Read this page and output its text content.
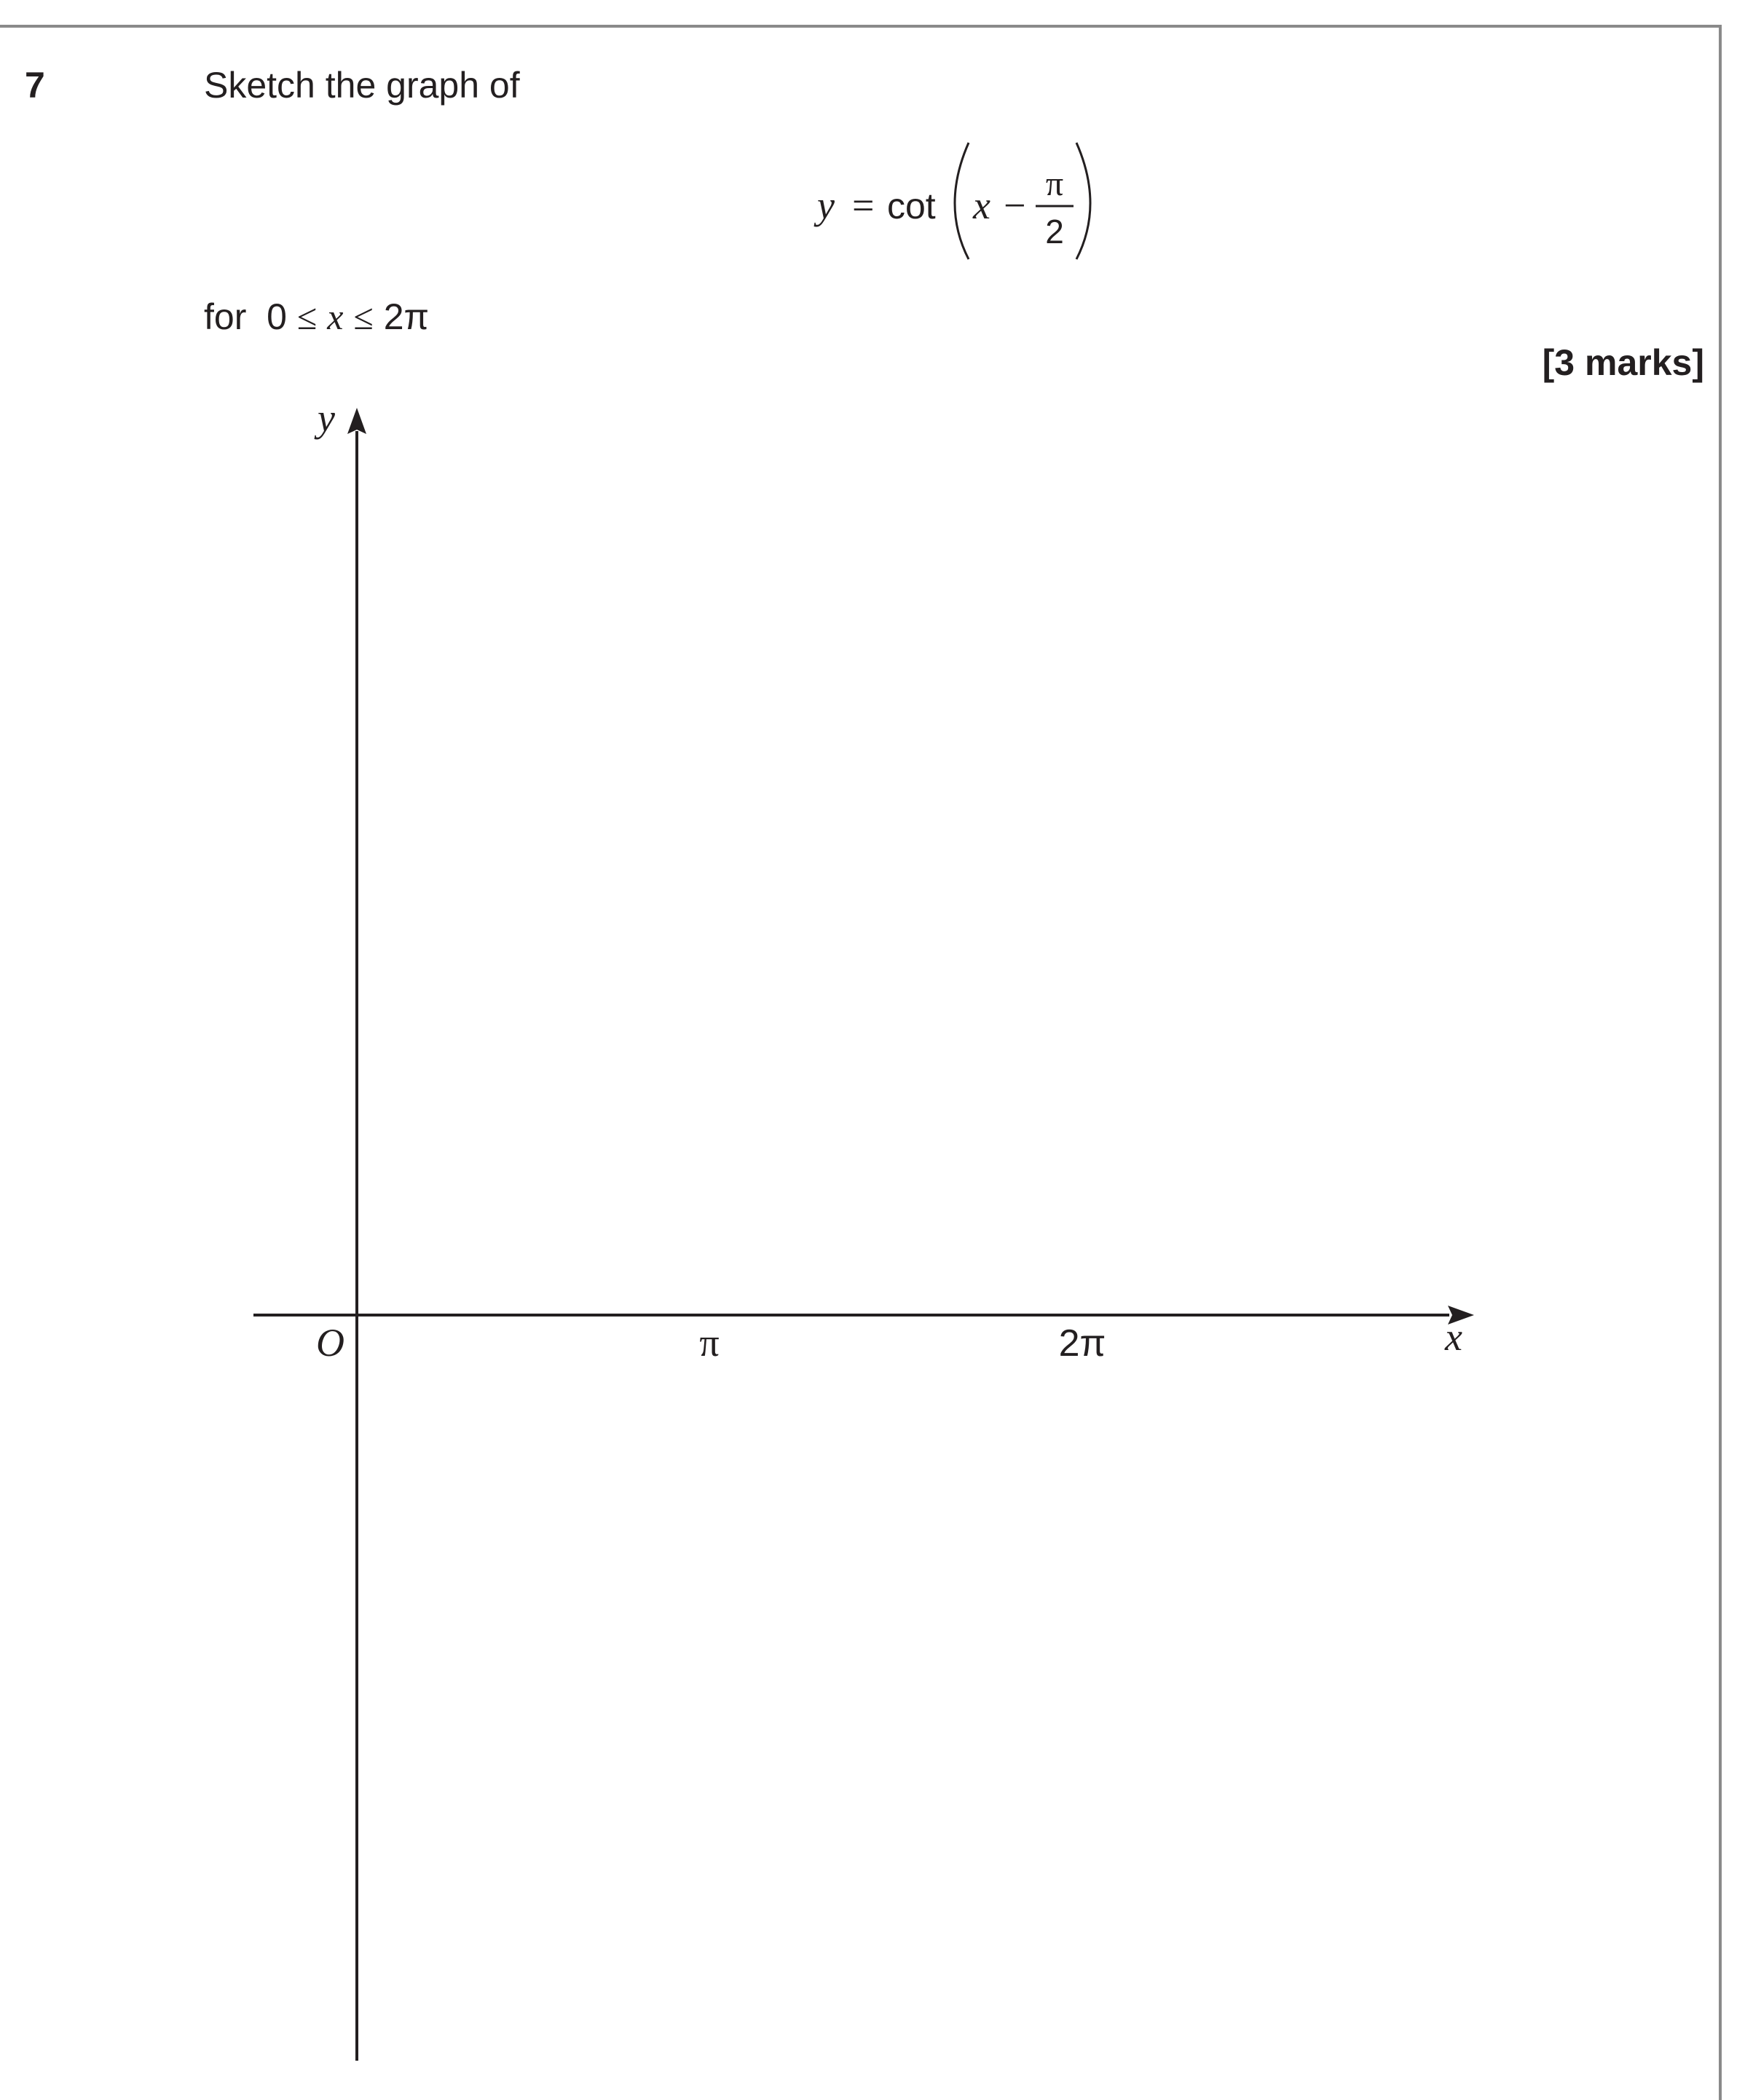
7	Sketch the graph of
y = cot x − π
2
for 0 ≤ x ≤ 2π
[3 marks]
y
x
O	π	2π
